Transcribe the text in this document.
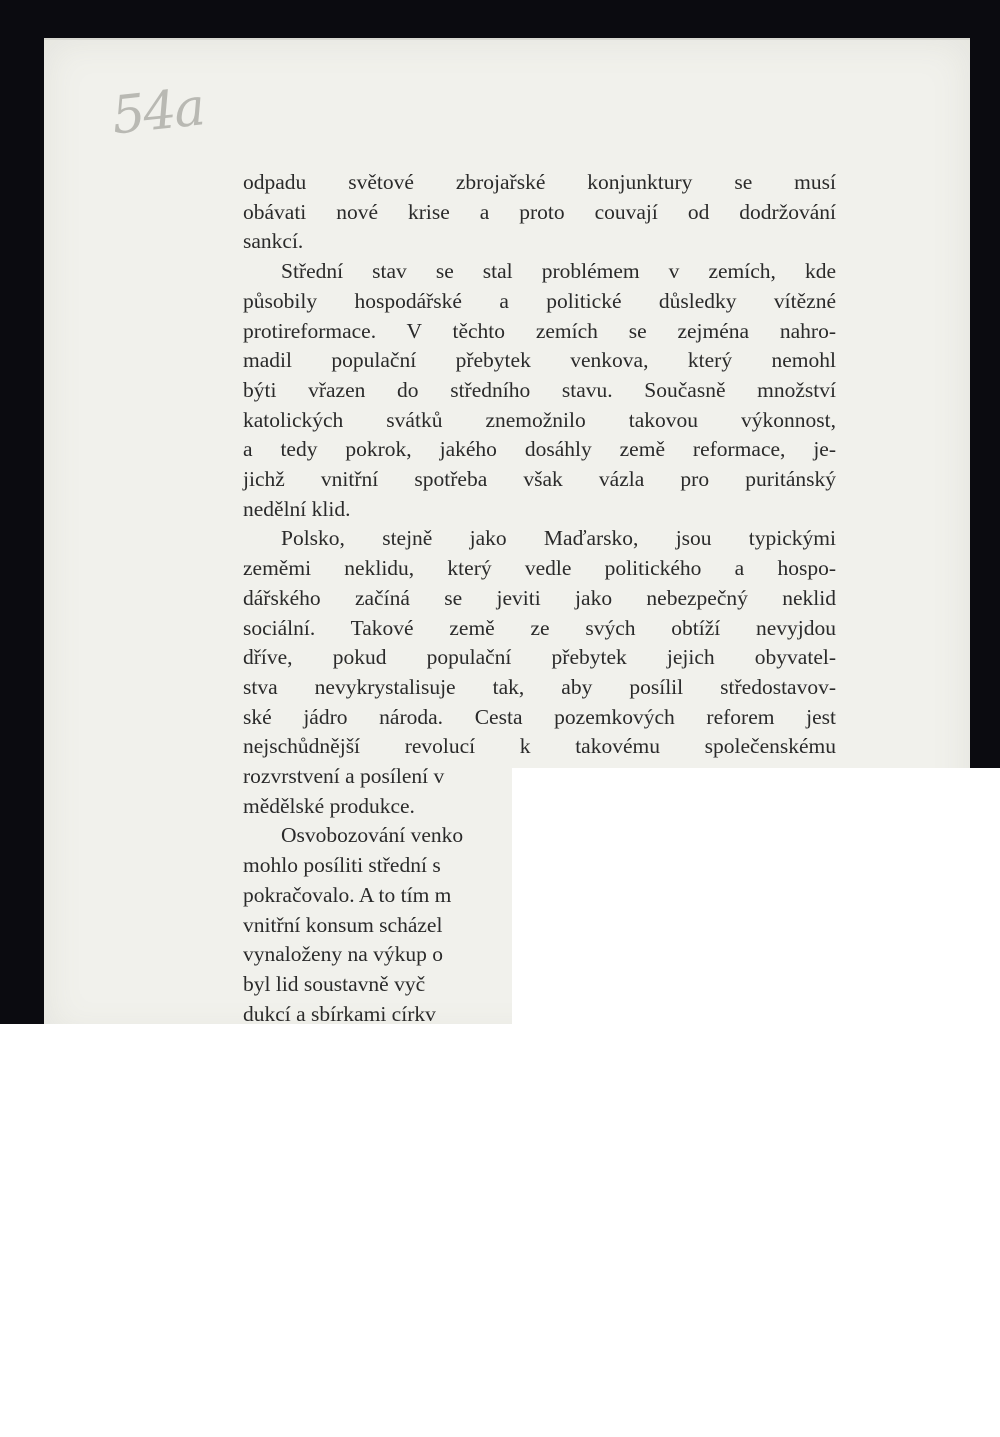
54a

odpadu světové zbrojařské konjunktury se musí
obávati nové krise a proto couvají od dodržování
sankcí.

Střední stav se stal problémem v zemích, kde
působily hospodářské a politické důsledky vítězné
protireformace. V těchto zemích se zejména nahro-
madil populační přebytek venkova, který nemohl
býti vřazen do středního stavu. Současně množství
katolických svátků znemožnilo takovou výkonnost,
a tedy pokrok, jakého dosáhly země reformace, je-
jichž vnitřní spotřeba však vázla pro puritánský
nedělní klid.

Polsko, stejně jako Maďarsko, jsou typickými
zeměmi neklidu, který vedle politického a hospo-
dářského začíná se jeviti jako nebezpečný neklid
sociální. Takové země ze svých obtíží nevyjdou
dříve, pokud populační přebytek jejich obyvatel-
stva nevykrystalisuje tak, aby posílil středostavov-
ské jádro národa. Cesta pozemkových reforem jest
nejschůdnější revolucí k takovému společenskému
rozvrstvení a posílení v
mědělské produkce.

Osvobozování venko
mohlo posíliti střední s
pokračovalo. A to tím m
vnitřní konsum scházel
vynaloženy na výkup o
byl lid soustavně vyč
dukcí a sbírkami církv
